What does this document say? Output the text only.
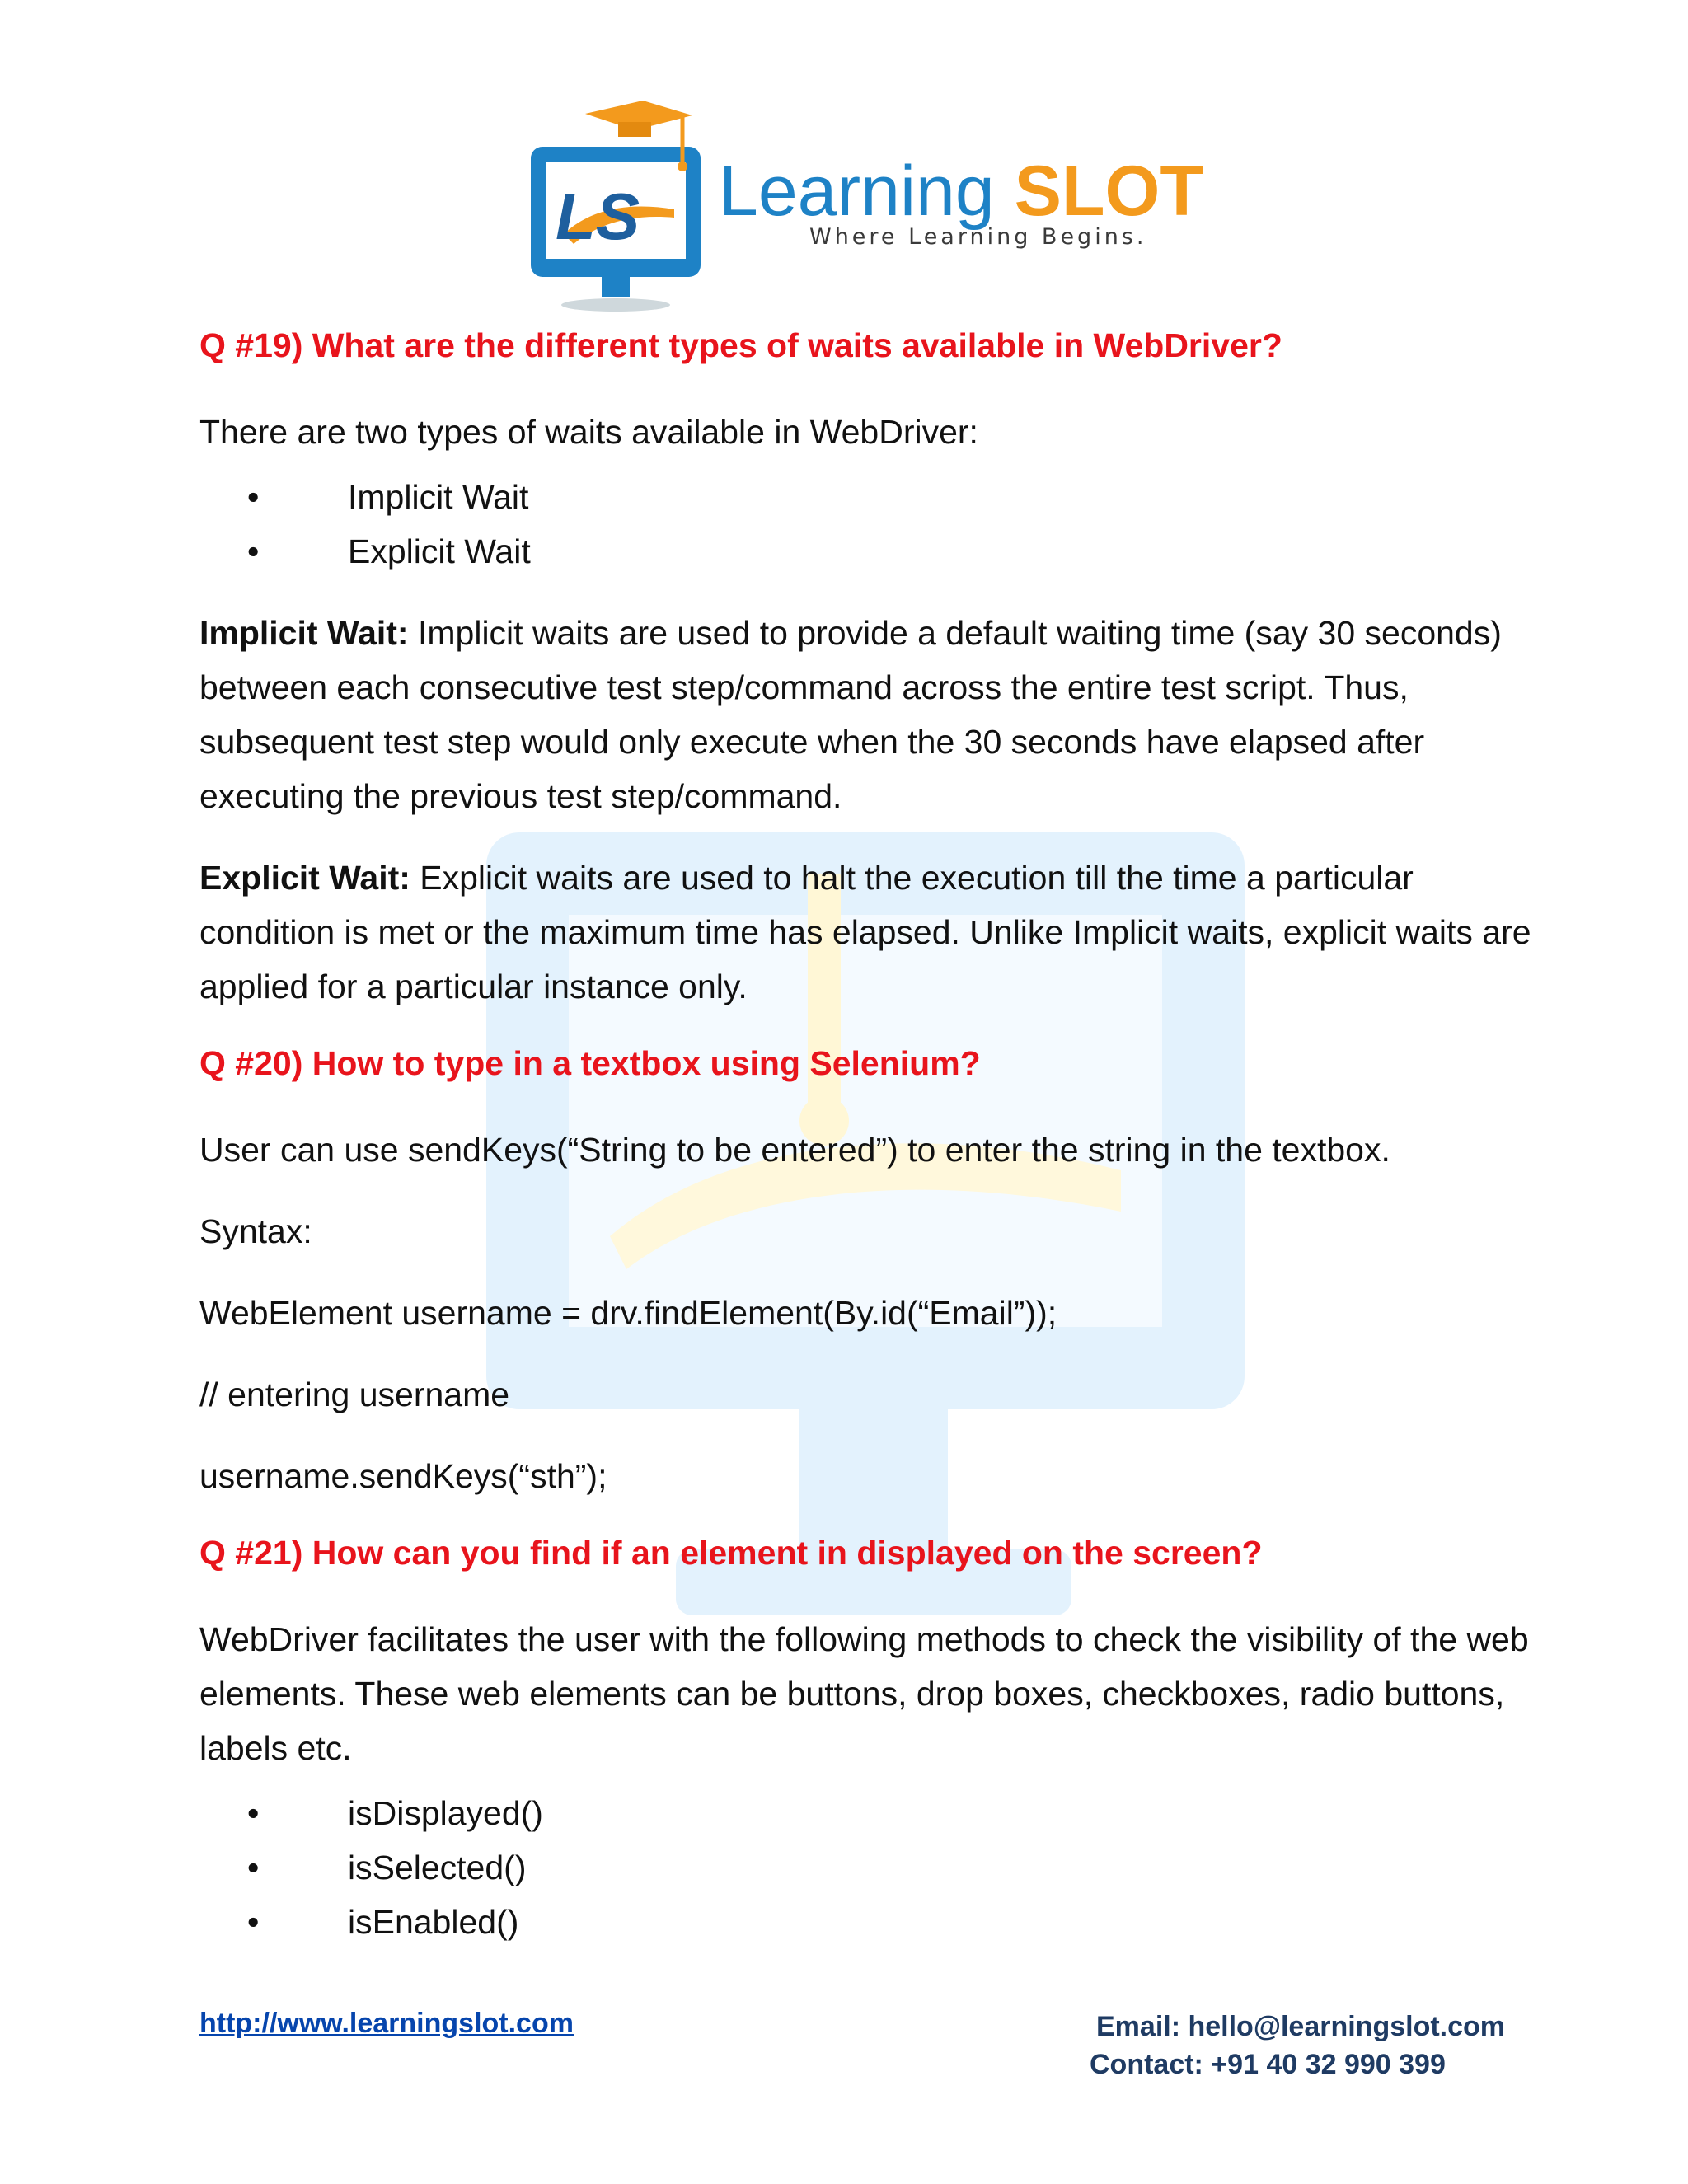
LS Learning SLOT
Where Learning Begins.
Q #19) What are the different types of waits available in WebDriver?
There are two types of waits available in WebDriver:
•	Implicit Wait
•	Explicit Wait
Implicit Wait: Implicit waits are used to provide a default waiting time (say 30 seconds) between each consecutive test step/command across the entire test script. Thus, subsequent test step would only execute when the 30 seconds have elapsed after executing the previous test step/command.
Explicit Wait: Explicit waits are used to halt the execution till the time a particular condition is met or the maximum time has elapsed. Unlike Implicit waits, explicit waits are applied for a particular instance only.
Q #20) How to type in a textbox using Selenium?
User can use sendKeys(“String to be entered”) to enter the string in the textbox.
Syntax:
WebElement username = drv.findElement(By.id(“Email”));
// entering username
username.sendKeys(“sth”);
Q #21) How can you find if an element in displayed on the screen?
WebDriver facilitates the user with the following methods to check the visibility of the web elements. These web elements can be buttons, drop boxes, checkboxes, radio buttons, labels etc.
•	isDisplayed()
•	isSelected()
•	isEnabled()
http://www.learningslot.com	Email: hello@learningslot.com
Contact: +91 40 32 990 399
